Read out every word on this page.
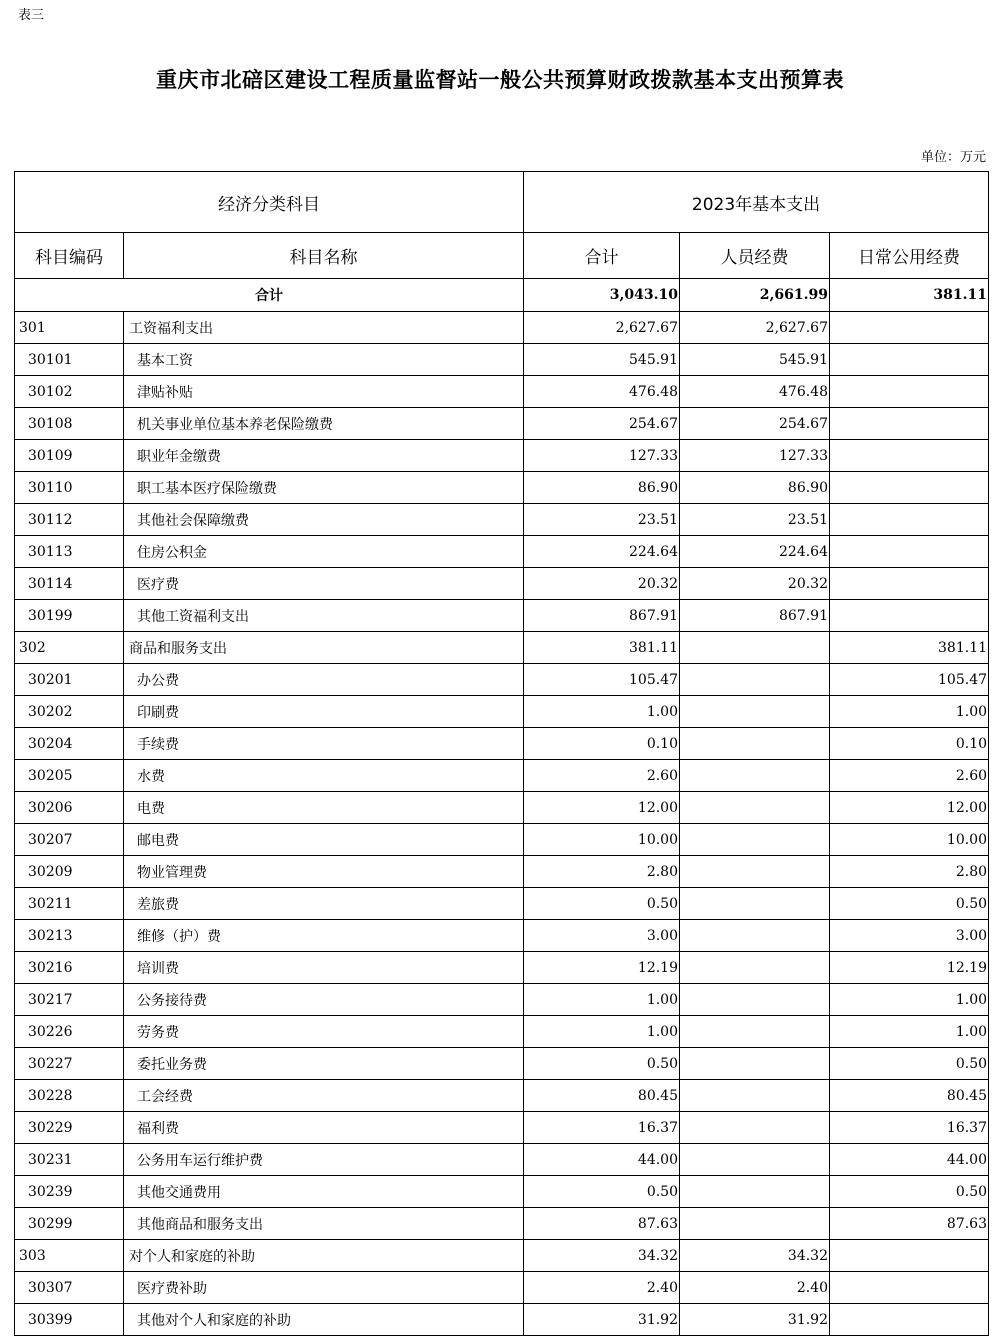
表三
重庆市北碚区建设工程质量监督站一般公共预算财政拨款基本支出预算表
单位：万元
经济分类科目		2023年基本支出		
科目编码	科目名称	合计	人员经费	日常公用经费
合计		3,043.10	2,661.99	381.11
301	工资福利支出	2,627.67	2,627.67	
30101	基本工资	545.91	545.91	
30102	津贴补贴	476.48	476.48	
30108	机关事业单位基本养老保险缴费	254.67	254.67	
30109	职业年金缴费	127.33	127.33	
30110	职工基本医疗保险缴费	86.90	86.90	
30112	其他社会保障缴费	23.51	23.51	
30113	住房公积金	224.64	224.64	
30114	医疗费	20.32	20.32	
30199	其他工资福利支出	867.91	867.91	
302	商品和服务支出	381.11		381.11
30201	办公费	105.47		105.47
30202	印刷费	1.00		1.00
30204	手续费	0.10		0.10
30205	水费	2.60		2.60
30206	电费	12.00		12.00
30207	邮电费	10.00		10.00
30209	物业管理费	2.80		2.80
30211	差旅费	0.50		0.50
30213	维修（护）费	3.00		3.00
30216	培训费	12.19		12.19
30217	公务接待费	1.00		1.00
30226	劳务费	1.00		1.00
30227	委托业务费	0.50		0.50
30228	工会经费	80.45		80.45
30229	福利费	16.37		16.37
30231	公务用车运行维护费	44.00		44.00
30239	其他交通费用	0.50		0.50
30299	其他商品和服务支出	87.63		87.63
303	对个人和家庭的补助	34.32	34.32	
30307	医疗费补助	2.40	2.40	
30399	其他对个人和家庭的补助	31.92	31.92	
